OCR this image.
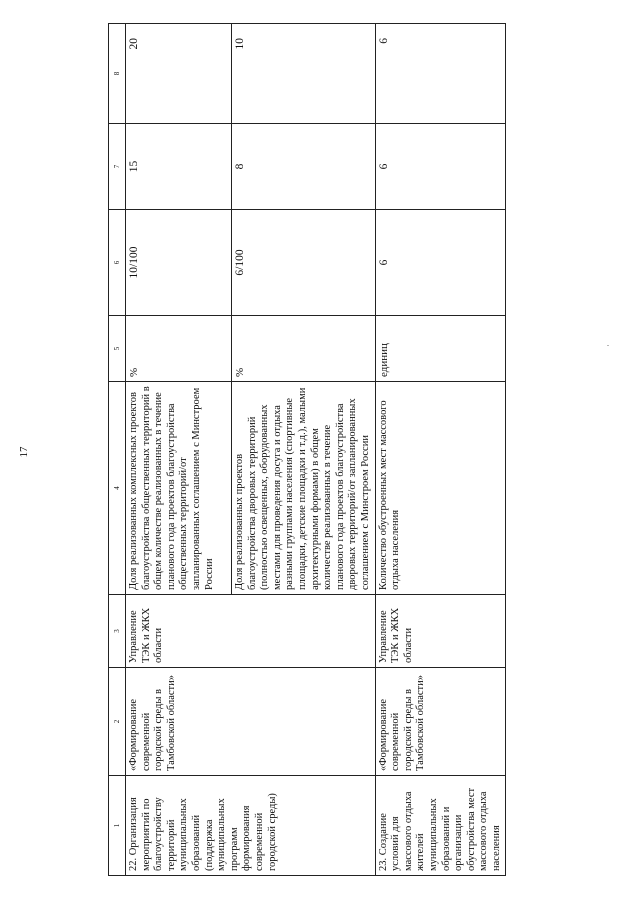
17
1	2	3	4	5	6	7	8
22. Организация мероприятий по благоустройству территорий муниципальных образований (поддержка муниципальных программ формирования современной городской среды)	«Формирование современной городской среды в Тамбовской области»	Управление ТЭК и ЖКХ области	Доля реализованных комплексных проектов благоустройства общественных территорий в общем количестве реализованных в течение планового года проектов благоустройства общественных территорий/от запланированных соглашением с Минстроем России	%	10/100	15	20
			Доля реализованных проектов благоустройства дворовых территорий (полностью освещенных, оборудованных местами для проведения досуга и отдыха разными группами населения (спортивные площадки, детские площадки и т.д.), малыми архитектурными формами) в общем количестве реализованных в течение планового года проектов благоустройства дворовых территорий/от запланированных соглашением с Минстроем России	%	6/100	8	10
23. Создание условий для массового отдыха жителей муниципальных образований и организации обустройства мест массового отдыха населения	«Формирование современной городской среды в Тамбовской области»	Управление ТЭК и ЖКХ области	Количество обустроенных мест массового отдыха населения	единиц	6	6	6
